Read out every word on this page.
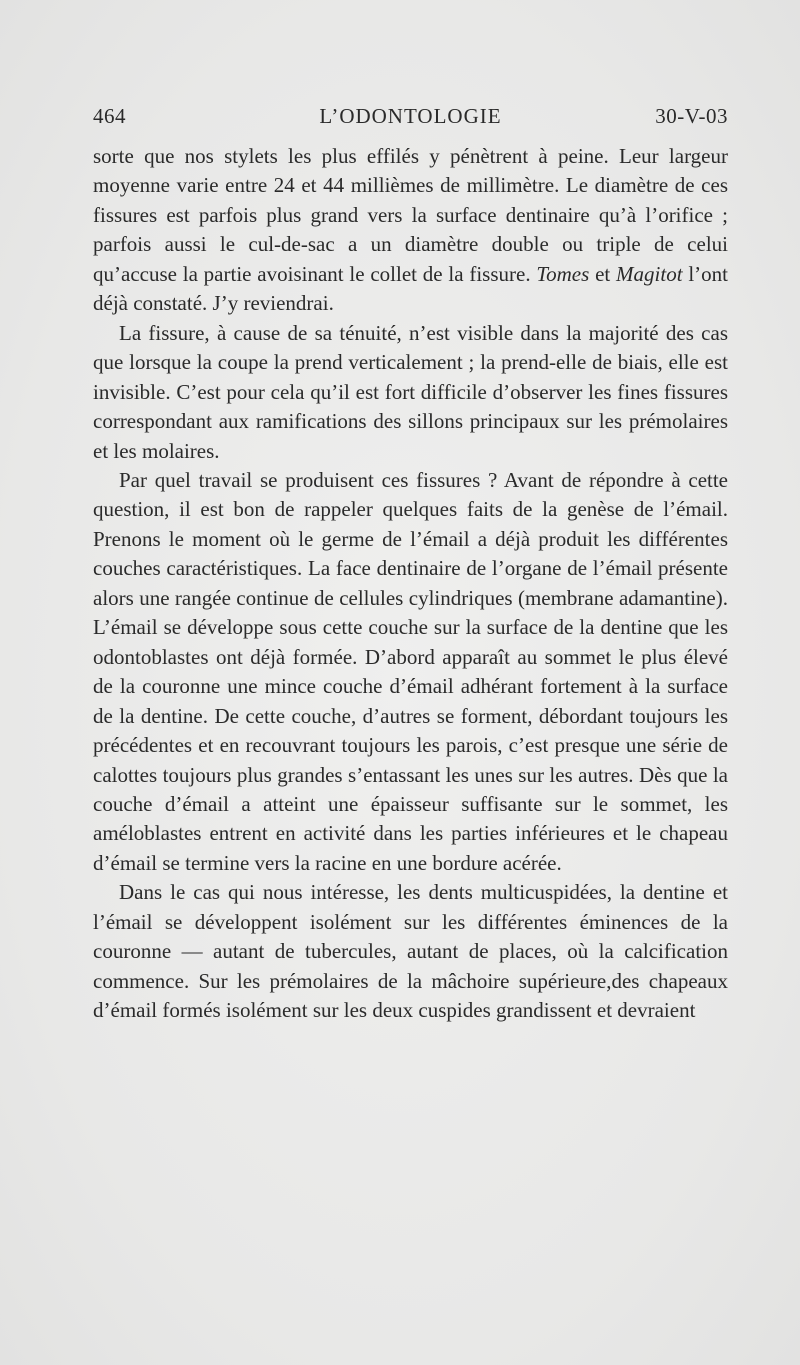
464	L’ODONTOLOGIE	30-V-03

sorte que nos stylets les plus effilés y pénètrent à peine. Leur largeur moyenne varie entre 24 et 44 millièmes de millimètre. Le diamètre de ces fissures est parfois plus grand vers la surface dentinaire qu’à l’orifice ; parfois aussi le cul-de-sac a un diamètre double ou triple de celui qu’accuse la partie avoisinant le collet de la fissure. Tomes et Magitot l’ont déjà constaté. J’y reviendrai.

La fissure, à cause de sa ténuité, n’est visible dans la majorité des cas que lorsque la coupe la prend verticalement ; la prend-elle de biais, elle est invisible. C’est pour cela qu’il est fort difficile d’observer les fines fissures correspondant aux ramifications des sillons principaux sur les prémolaires et les molaires.

Par quel travail se produisent ces fissures ? Avant de répondre à cette question, il est bon de rappeler quelques faits de la genèse de l’émail. Prenons le moment où le germe de l’émail a déjà produit les différentes couches caractéristiques. La face dentinaire de l’organe de l’émail présente alors une rangée continue de cellules cylindriques (membrane adamantine). L’émail se développe sous cette couche sur la surface de la dentine que les odontoblastes ont déjà formée. D’abord apparaît au sommet le plus élevé de la couronne une mince couche d’émail adhérant fortement à la surface de la dentine. De cette couche, d’autres se forment, débordant toujours les précédentes et en recouvrant toujours les parois, c’est presque une série de calottes toujours plus grandes s’entassant les unes sur les autres. Dès que la couche d’émail a atteint une épaisseur suffisante sur le sommet, les améloblastes entrent en activité dans les parties inférieures et le chapeau d’émail se termine vers la racine en une bordure acérée.

Dans le cas qui nous intéresse, les dents multicuspidées, la dentine et l’émail se développent isolément sur les différentes éminences de la couronne — autant de tubercules, autant de places, où la calcification commence. Sur les prémolaires de la mâchoire supérieure,des chapeaux d’émail formés isolément sur les deux cuspides grandissent et devraient
